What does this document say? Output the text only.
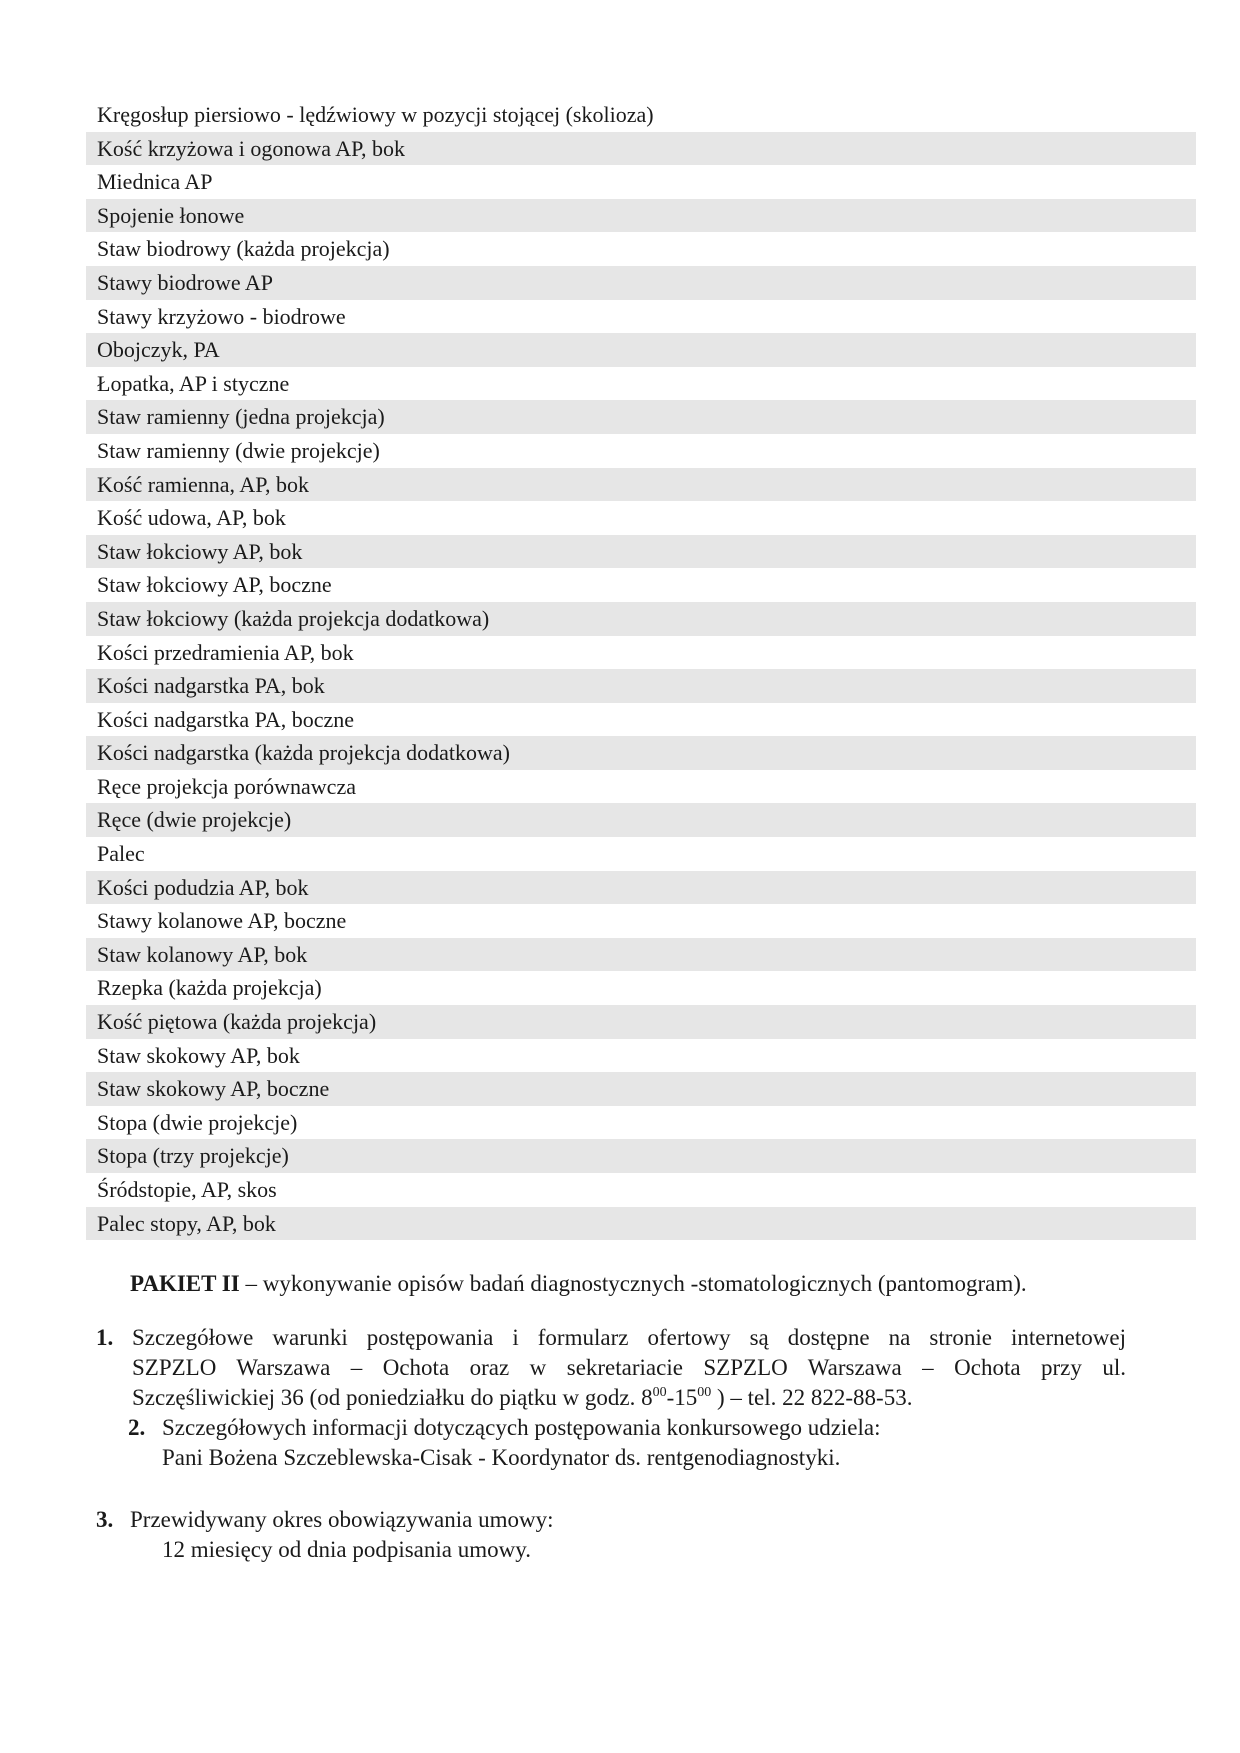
Kręgosłup piersiowo - lędźwiowy w pozycji stojącej (skolioza)
Kość krzyżowa i ogonowa AP, bok
Miednica AP
Spojenie łonowe
Staw biodrowy (każda projekcja)
Stawy biodrowe AP
Stawy krzyżowo - biodrowe
Obojczyk, PA
Łopatka, AP i styczne
Staw ramienny (jedna projekcja)
Staw ramienny (dwie projekcje)
Kość ramienna, AP, bok
Kość udowa, AP, bok
Staw łokciowy AP, bok
Staw łokciowy AP, boczne
Staw łokciowy (każda projekcja dodatkowa)
Kości przedramienia AP, bok
Kości nadgarstka PA, bok
Kości nadgarstka PA, boczne
Kości nadgarstka (każda projekcja dodatkowa)
Ręce projekcja porównawcza
Ręce (dwie projekcje)
Palec
Kości podudzia AP, bok
Stawy kolanowe AP, boczne
Staw kolanowy AP, bok
Rzepka (każda projekcja)
Kość piętowa (każda projekcja)
Staw skokowy AP, bok
Staw skokowy AP, boczne
Stopa (dwie projekcje)
Stopa (trzy projekcje)
Śródstopie, AP, skos
Palec stopy, AP, bok
PAKIET II – wykonywanie opisów badań diagnostycznych -stomatologicznych (pantomogram).
1. Szczegółowe warunki postępowania i formularz ofertowy są dostępne na stronie internetowej
SZPZLO Warszawa – Ochota oraz w sekretariacie SZPZLO Warszawa – Ochota przy ul.
Szczęśliwickiej 36 (od poniedziałku do piątku w godz. $8^{00}-15^{00}$ ) – tel. 22 822-88-53.
2. Szczegółowych informacji dotyczących postępowania konkursowego udziela:
Pani Bożena Szczeblewska-Cisak - Koordynator ds. rentgenodiagnostyki.
3. Przewidywany okres obowiązywania umowy:
12 miesięcy od dnia podpisania umowy.
